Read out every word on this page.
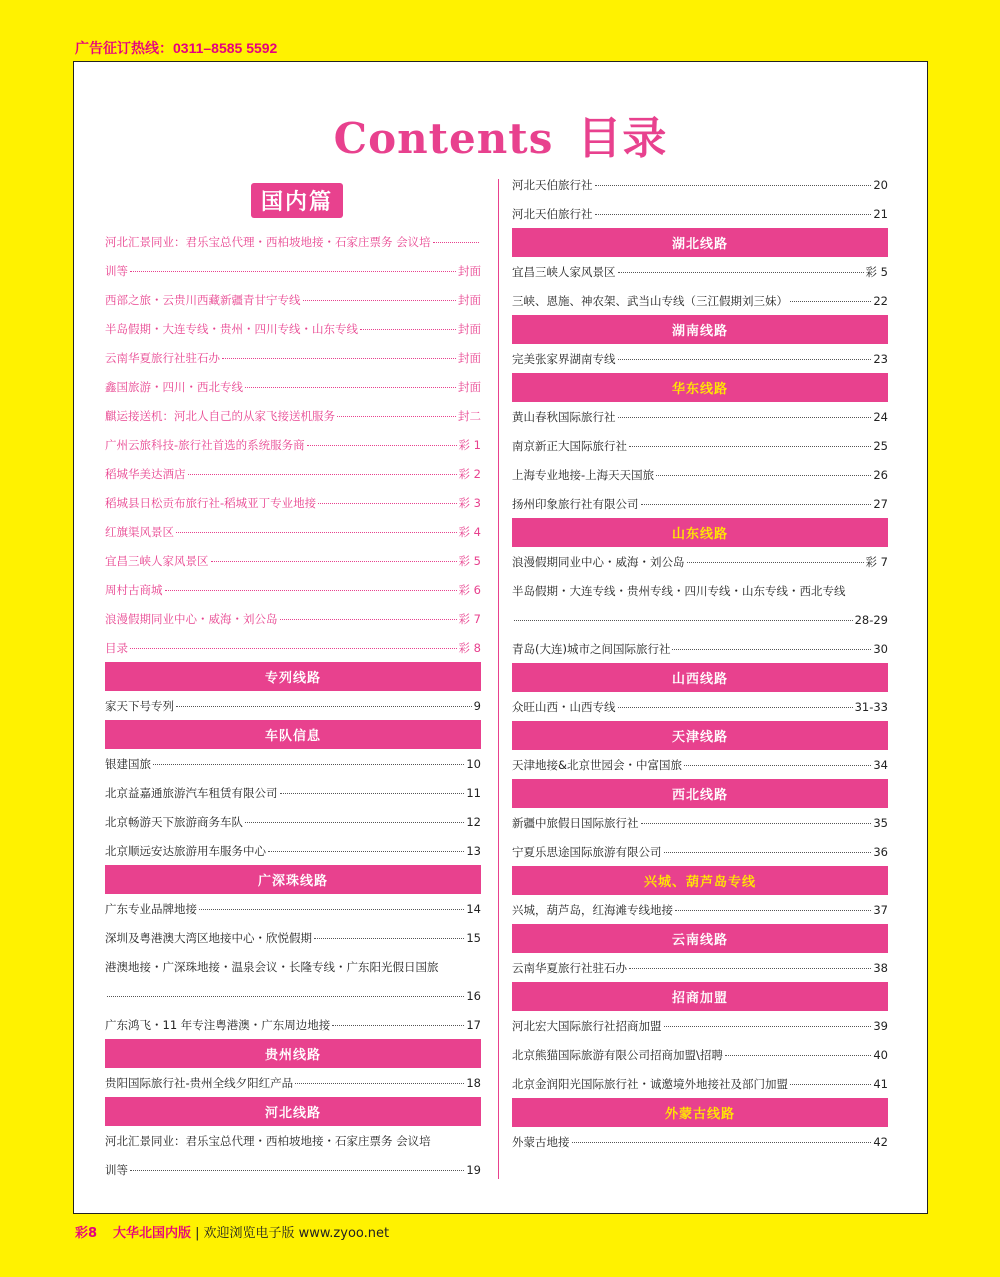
广告征订热线：0311–8585 5592
Contents 目录
国内篇
河北汇景同业：君乐宝总代理・西柏坡地接・石家庄票务 会议培
训等	封面
西部之旅・云贵川西藏新疆青甘宁专线	封面
半岛假期・大连专线・贵州・四川专线・山东专线	封面
云南华夏旅行社驻石办	封面
鑫国旅游・四川・西北专线	封面
麒运接送机：河北人自己的从家飞接送机服务	封二
广州云旅科技-旅行社首选的系统服务商	彩 1
稻城华美达酒店	彩 2
稻城县日松贡布旅行社-稻城亚丁专业地接	彩 3
红旗渠风景区	彩 4
宜昌三峡人家风景区	彩 5
周村古商城	彩 6
浪漫假期同业中心・威海・刘公岛	彩 7
目录	彩 8
专列线路
家天下号专列	9
车队信息
银建国旅	10
北京益嘉通旅游汽车租赁有限公司	11
北京畅游天下旅游商务车队	12
北京顺远安达旅游用车服务中心	13
广深珠线路
广东专业品牌地接	14
深圳及粤港澳大湾区地接中心・欣悦假期	15
港澳地接・广深珠地接・温泉会议・长隆专线・广东阳光假日国旅
16
广东鸿飞・11 年专注粤港澳・广东周边地接	17
贵州线路
贵阳国际旅行社-贵州全线夕阳红产品	18
河北线路
河北汇景同业：君乐宝总代理・西柏坡地接・石家庄票务 会议培
训等	19
河北天伯旅行社	20
河北天伯旅行社	21
湖北线路
宜昌三峡人家风景区	彩 5
三峡、恩施、神农架、武当山专线（三江假期刘三妹）	22
湖南线路
完美张家界湖南专线	23
华东线路
黄山春秋国际旅行社	24
南京新正大国际旅行社	25
上海专业地接-上海天天国旅	26
扬州印象旅行社有限公司	27
山东线路
浪漫假期同业中心・威海・刘公岛	彩 7
半岛假期・大连专线・贵州专线・四川专线・山东专线・西北专线
28-29
青岛(大连)城市之间国际旅行社	30
山西线路
众旺山西・山西专线	31-33
天津线路
天津地接&北京世园会・中富国旅	34
西北线路
新疆中旅假日国际旅行社	35
宁夏乐思途国际旅游有限公司	36
兴城、葫芦岛专线
兴城，葫芦岛，红海滩专线地接	37
云南线路
云南华夏旅行社驻石办	38
招商加盟
河北宏大国际旅行社招商加盟	39
北京熊猫国际旅游有限公司招商加盟\招聘	40
北京金润阳光国际旅行社・诚邀境外地接社及部门加盟	41
外蒙古线路
外蒙古地接	42
彩8 大华北国内版 | 欢迎浏览电子版 www.zyoo.net
